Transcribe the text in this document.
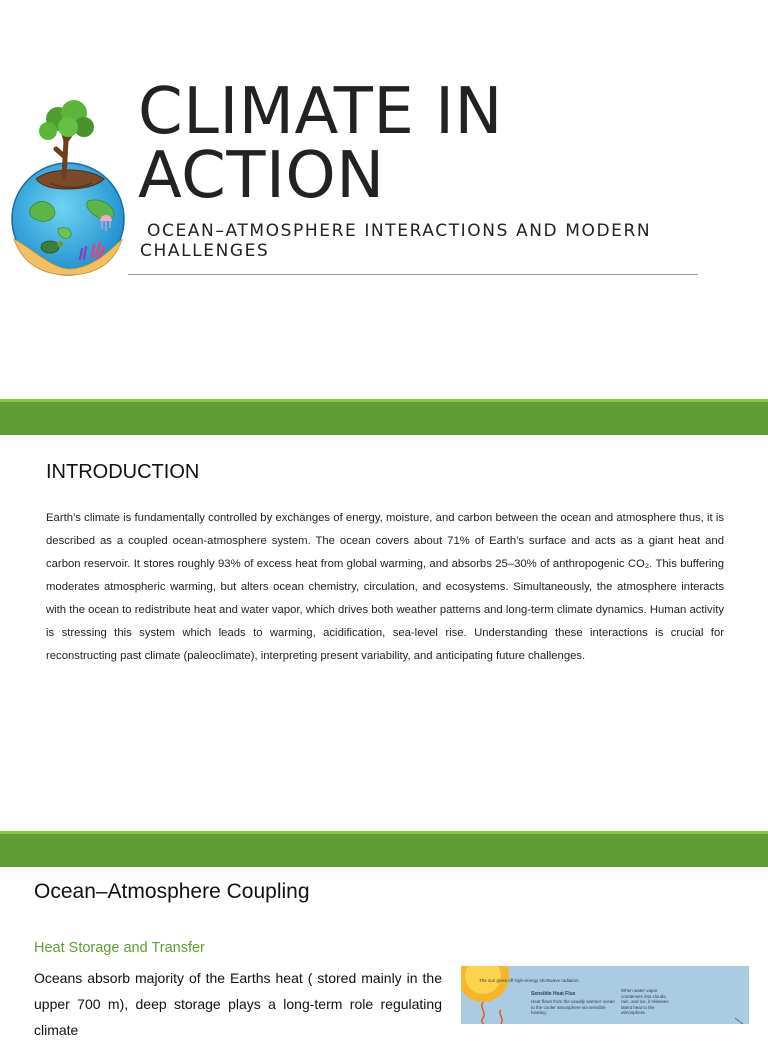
CLIMATE IN
ACTION
OCEAN–ATMOSPHERE INTERACTIONS AND MODERN CHALLENGES
INTRODUCTION

Earth’s climate is fundamentally controlled by exchanges of energy, moisture, and carbon between the ocean and atmosphere thus, it is described as a coupled ocean-atmosphere system. The ocean covers about 71% of Earth’s surface and acts as a giant heat and carbon reservoir. It stores roughly 93% of excess heat from global warming, and absorbs 25–30% of anthropogenic CO₂. This buffering moderates atmospheric warming, but alters ocean chemistry, circulation, and ecosystems. Simultaneously, the atmosphere interacts with the ocean to redistribute heat and water vapor, which drives both weather patterns and long-term climate dynamics. Human activity is stressing this system which leads to warming, acidification, sea-level rise. Understanding these interactions is crucial for reconstructing past climate (paleoclimate), interpreting present variability, and anticipating future challenges.

Ocean–Atmosphere Coupling
Heat Storage and Transfer

Oceans absorb majority of the Earths heat ( stored mainly in the upper 700 m), deep storage plays a long-term role regulating climate

The sun gives off high-energy shortwave radiation.
Sensible Heat Flux
Heat flows from the usually warmer ocean to the cooler atmosphere via sensible heating.
When water vapor condenses into clouds, rain, and ice, it releases latent heat to the atmosphere.
